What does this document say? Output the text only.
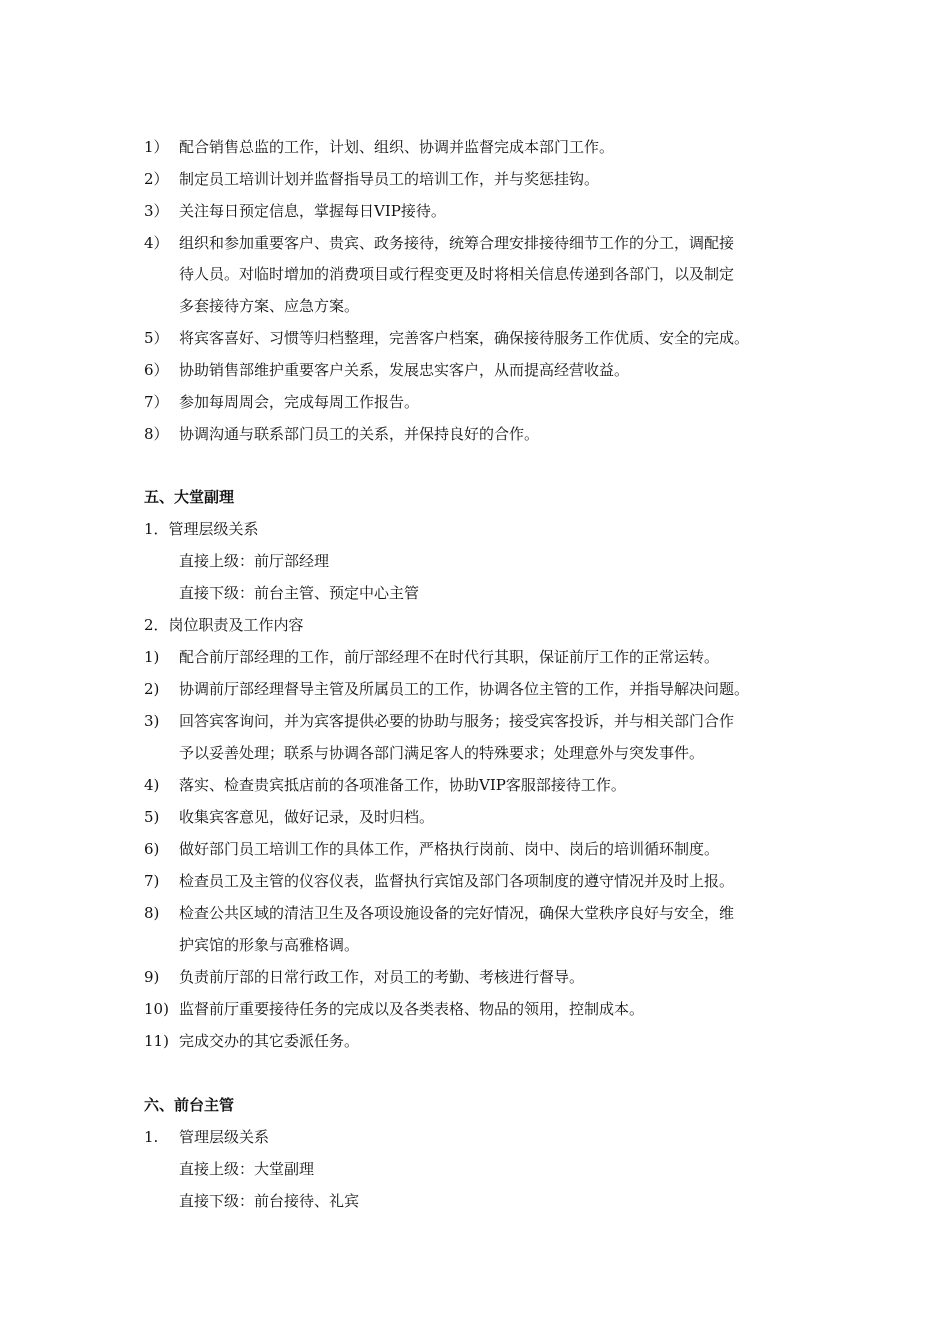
1） 配合销售总监的工作，计划、组织、协调并监督完成本部门工作。
2） 制定员工培训计划并监督指导员工的培训工作，并与奖惩挂钩。
3） 关注每日预定信息，掌握每日VIP接待。
4） 组织和参加重要客户、贵宾、政务接待，统筹合理安排接待细节工作的分工，调配接
待人员。对临时增加的消费项目或行程变更及时将相关信息传递到各部门，以及制定
多套接待方案、应急方案。
5） 将宾客喜好、习惯等归档整理，完善客户档案，确保接待服务工作优质、安全的完成。
6） 协助销售部维护重要客户关系，发展忠实客户，从而提高经营收益。
7） 参加每周周会，完成每周工作报告。
8） 协调沟通与联系部门员工的关系，并保持良好的合作。
五、大堂副理
1．管理层级关系
直接上级：前厅部经理
直接下级：前台主管、预定中心主管
2．岗位职责及工作内容
1) 配合前厅部经理的工作，前厅部经理不在时代行其职，保证前厅工作的正常运转。
2) 协调前厅部经理督导主管及所属员工的工作，协调各位主管的工作，并指导解决问题。
3) 回答宾客询问，并为宾客提供必要的协助与服务；接受宾客投诉，并与相关部门合作
予以妥善处理；联系与协调各部门满足客人的特殊要求；处理意外与突发事件。
4) 落实、检查贵宾抵店前的各项准备工作，协助VIP客服部接待工作。
5) 收集宾客意见，做好记录，及时归档。
6) 做好部门员工培训工作的具体工作，严格执行岗前、岗中、岗后的培训循环制度。
7) 检查员工及主管的仪容仪表，监督执行宾馆及部门各项制度的遵守情况并及时上报。
8) 检查公共区域的清洁卫生及各项设施设备的完好情况，确保大堂秩序良好与安全，维
护宾馆的形象与高雅格调。
9) 负责前厅部的日常行政工作，对员工的考勤、考核进行督导。
10) 监督前厅重要接待任务的完成以及各类表格、物品的领用，控制成本。
11) 完成交办的其它委派任务。
六、前台主管
1. 管理层级关系
直接上级：大堂副理
直接下级：前台接待、礼宾
